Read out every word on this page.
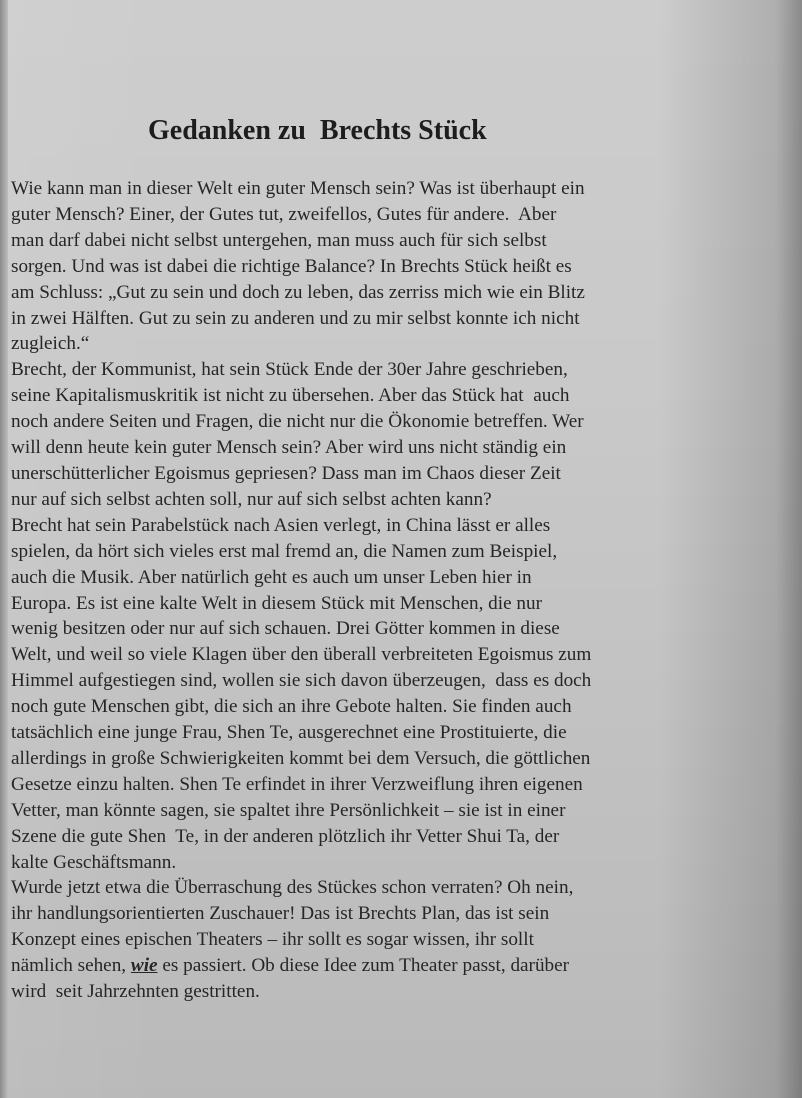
Gedanken zu  Brechts Stück
Wie kann man in dieser Welt ein guter Mensch sein? Was ist überhaupt ein
guter Mensch? Einer, der Gutes tut, zweifellos, Gutes für andere.  Aber
man darf dabei nicht selbst untergehen, man muss auch für sich selbst
sorgen. Und was ist dabei die richtige Balance? In Brechts Stück heißt es
am Schluss: „Gut zu sein und doch zu leben, das zerriss mich wie ein Blitz
in zwei Hälften. Gut zu sein zu anderen und zu mir selbst konnte ich nicht
zugleich.“
Brecht, der Kommunist, hat sein Stück Ende der 30er Jahre geschrieben,
seine Kapitalismuskritik ist nicht zu übersehen. Aber das Stück hat  auch
noch andere Seiten und Fragen, die nicht nur die Ökonomie betreffen. Wer
will denn heute kein guter Mensch sein? Aber wird uns nicht ständig ein
unerschütterlicher Egoismus gepriesen? Dass man im Chaos dieser Zeit
nur auf sich selbst achten soll, nur auf sich selbst achten kann?
Brecht hat sein Parabelstück nach Asien verlegt, in China lässt er alles
spielen, da hört sich vieles erst mal fremd an, die Namen zum Beispiel,
auch die Musik. Aber natürlich geht es auch um unser Leben hier in
Europa. Es ist eine kalte Welt in diesem Stück mit Menschen, die nur
wenig besitzen oder nur auf sich schauen. Drei Götter kommen in diese
Welt, und weil so viele Klagen über den überall verbreiteten Egoismus zum
Himmel aufgestiegen sind, wollen sie sich davon überzeugen,  dass es doch
noch gute Menschen gibt, die sich an ihre Gebote halten. Sie finden auch
tatsächlich eine junge Frau, Shen Te, ausgerechnet eine Prostituierte, die
allerdings in große Schwierigkeiten kommt bei dem Versuch, die göttlichen
Gesetze einzu halten. Shen Te erfindet in ihrer Verzweiflung ihren eigenen
Vetter, man könnte sagen, sie spaltet ihre Persönlichkeit – sie ist in einer
Szene die gute Shen  Te, in der anderen plötzlich ihr Vetter Shui Ta, der
kalte Geschäftsmann.
Wurde jetzt etwa die Überraschung des Stückes schon verraten? Oh nein,
ihr handlungsorientierten Zuschauer! Das ist Brechts Plan, das ist sein
Konzept eines epischen Theaters – ihr sollt es sogar wissen, ihr sollt
nämlich sehen, wie es passiert. Ob diese Idee zum Theater passt, darüber
wird  seit Jahrzehnten gestritten.
